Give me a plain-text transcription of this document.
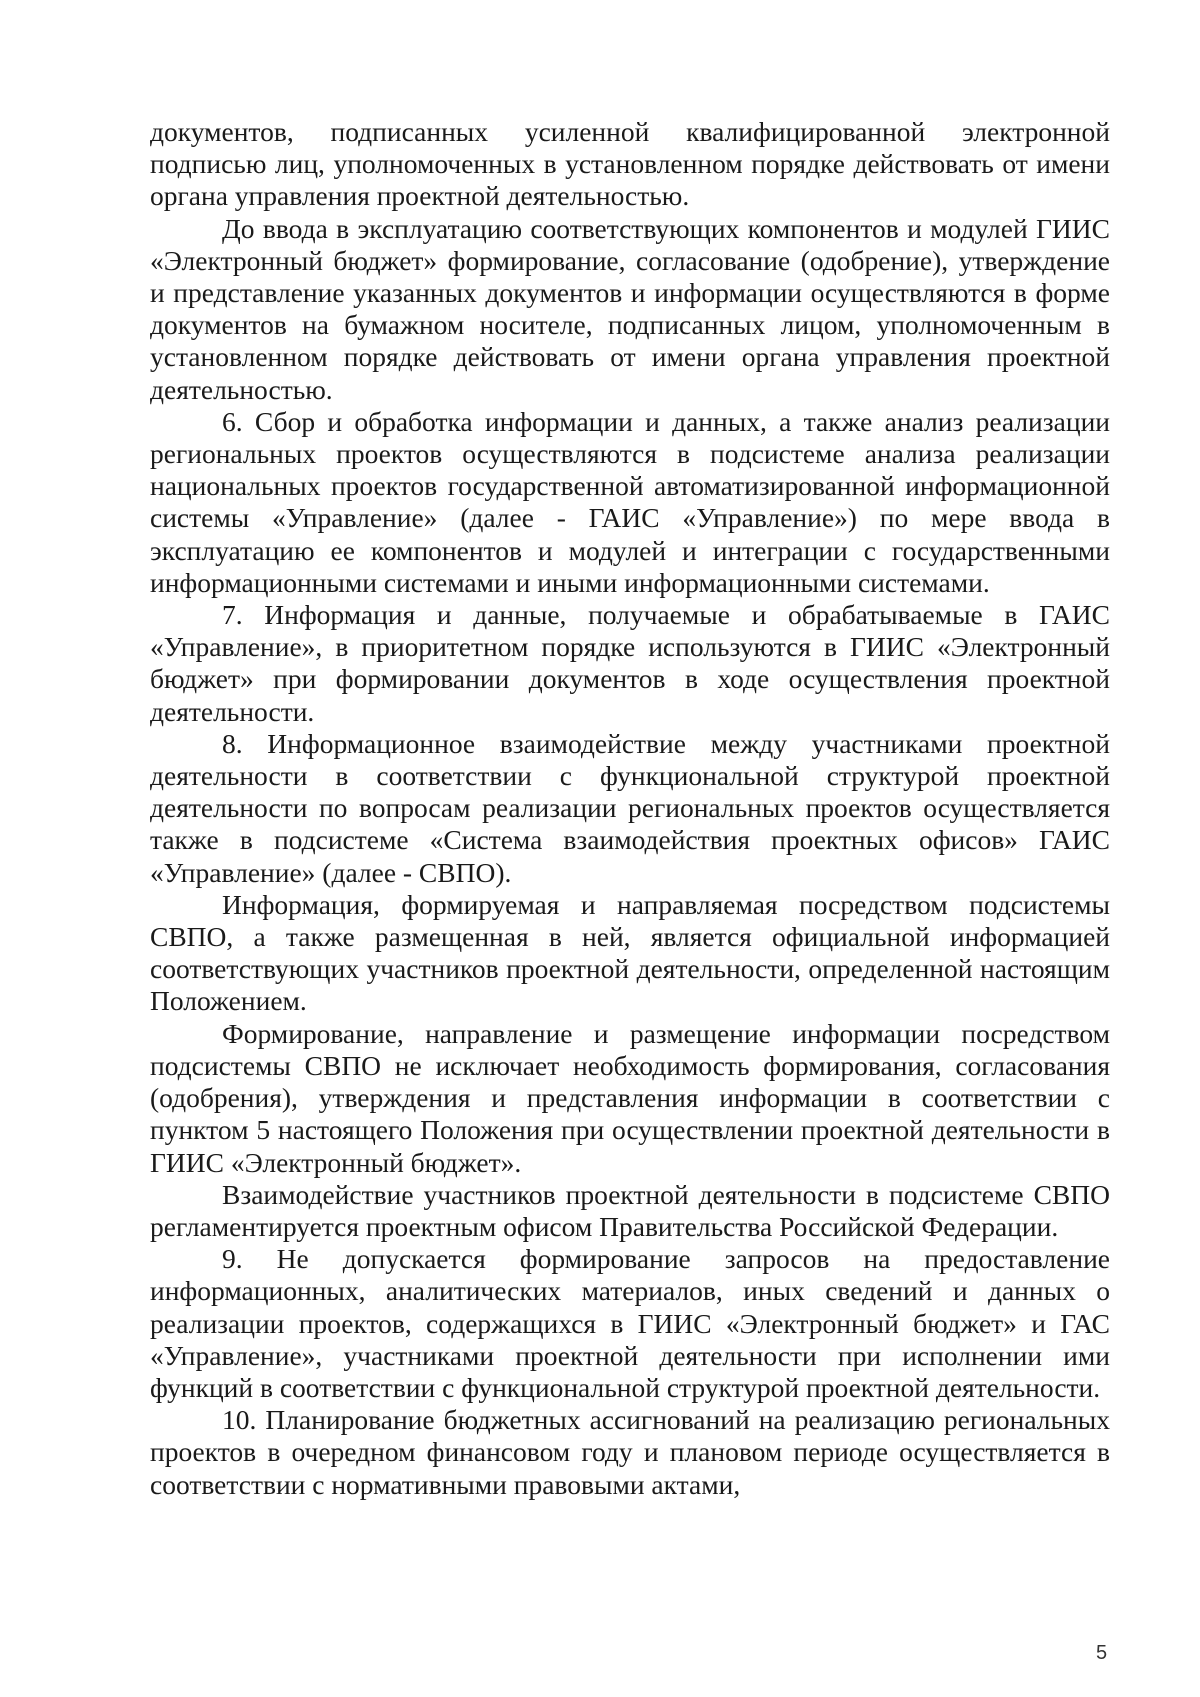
документов, подписанных усиленной квалифицированной электронной подписью лиц, уполномоченных в установленном порядке действовать от имени органа управления проектной деятельностью.

До ввода в эксплуатацию соответствующих компонентов и модулей ГИИС «Электронный бюджет» формирование, согласование (одобрение), утверждение и представление указанных документов и информации осуществляются в форме документов на бумажном носителе, подписанных лицом, уполномоченным в установленном порядке действовать от имени органа управления проектной деятельностью.

6. Сбор и обработка информации и данных, а также анализ реализации региональных проектов осуществляются в подсистеме анализа реализации национальных проектов государственной автоматизированной информационной системы «Управление» (далее - ГАИС «Управление») по мере ввода в эксплуатацию ее компонентов и модулей и интеграции с государственными информационными системами и иными информационными системами.

7. Информация и данные, получаемые и обрабатываемые в ГАИС «Управление», в приоритетном порядке используются в ГИИС «Электронный бюджет» при формировании документов в ходе осуществления проектной деятельности.

8. Информационное взаимодействие между участниками проектной деятельности в соответствии с функциональной структурой проектной деятельности по вопросам реализации региональных проектов осуществляется также в подсистеме «Система взаимодействия проектных офисов» ГАИС «Управление» (далее - СВПО).

Информация, формируемая и направляемая посредством подсистемы СВПО, а также размещенная в ней, является официальной информацией соответствующих участников проектной деятельности, определенной настоящим Положением.

Формирование, направление и размещение информации посредством подсистемы СВПО не исключает необходимость формирования, согласования (одобрения), утверждения и представления информации в соответствии с пунктом 5 настоящего Положения при осуществлении проектной деятельности в ГИИС «Электронный бюджет».

Взаимодействие участников проектной деятельности в подсистеме СВПО регламентируется проектным офисом Правительства Российской Федерации.

9. Не допускается формирование запросов на предоставление информационных, аналитических материалов, иных сведений и данных о реализации проектов, содержащихся в ГИИС «Электронный бюджет» и ГАС «Управление», участниками проектной деятельности при исполнении ими функций в соответствии с функциональной структурой проектной деятельности.

10. Планирование бюджетных ассигнований на реализацию региональных проектов в очередном финансовом году и плановом периоде осуществляется в соответствии с нормативными правовыми актами,

5
